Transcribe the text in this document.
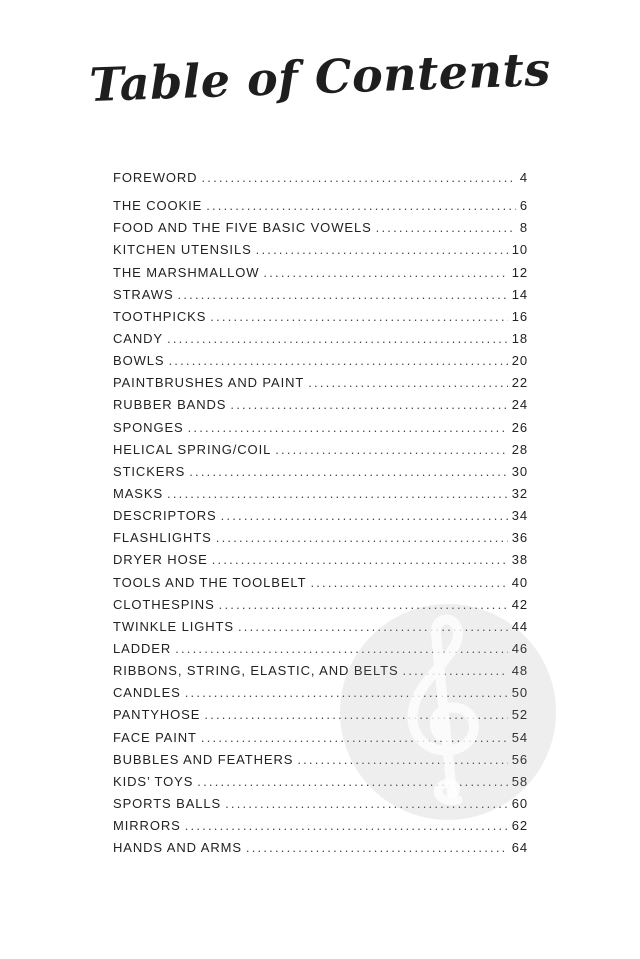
Table of Contents
FOREWORD .....	4
THE COOKIE .....	6
FOOD AND THE FIVE BASIC VOWELS .....	8
KITCHEN UTENSILS .....	10
THE MARSHMALLOW .....	12
STRAWS .....	14
TOOTHPICKS .....	16
CANDY .....	18
BOWLS .....	20
PAINTBRUSHES AND PAINT .....	22
RUBBER BANDS .....	24
SPONGES .....	26
HELICAL SPRING/COIL .....	28
STICKERS .....	30
MASKS .....	32
DESCRIPTORS .....	34
FLASHLIGHTS .....	36
DRYER HOSE .....	38
TOOLS AND THE TOOLBELT .....	40
CLOTHESPINS .....	42
TWINKLE LIGHTS .....	44
LADDER .....	46
RIBBONS, STRING, ELASTIC, AND BELTS .....	48
CANDLES .....	50
PANTYHOSE .....	52
FACE PAINT .....	54
BUBBLES AND FEATHERS .....	56
KIDS’ TOYS .....	58
SPORTS BALLS .....	60
MIRRORS .....	62
HANDS AND ARMS .....	64
